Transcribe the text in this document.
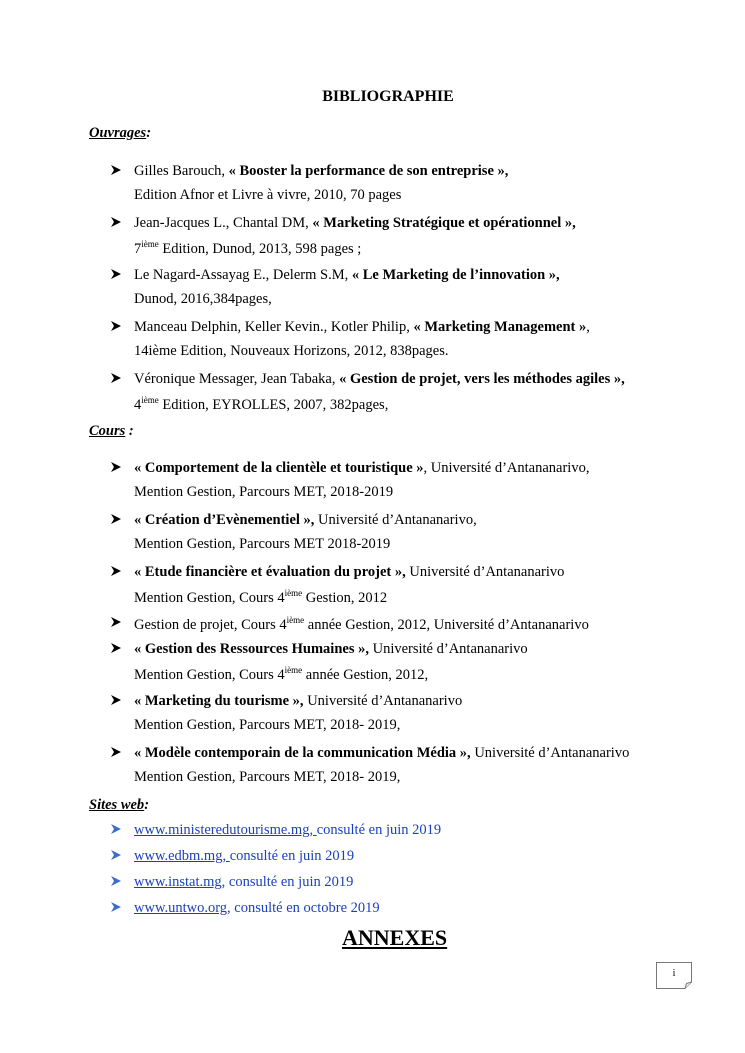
BIBLIOGRAPHIE
Ouvrages:
Gilles Barouch, « Booster la performance de son entreprise »,
Edition Afnor et Livre à vivre, 2010, 70 pages
Jean-Jacques L., Chantal DM, « Marketing Stratégique et opérationnel »,
7ième Edition, Dunod, 2013, 598 pages ;
Le Nagard-Assayag E., Delerm S.M, « Le Marketing de l’innovation »,
Dunod, 2016,384pages,
Manceau Delphin, Keller Kevin., Kotler Philip, « Marketing Management »,
14ième Edition, Nouveaux Horizons, 2012, 838pages.
Véronique Messager, Jean Tabaka, « Gestion de projet, vers les méthodes agiles »,
4ième Edition, EYROLLES, 2007, 382pages,
Cours :
« Comportement de la clientèle et touristique », Université d’Antananarivo,
Mention Gestion, Parcours MET, 2018-2019
« Création d’Evènementiel », Université d’Antananarivo,
Mention Gestion, Parcours MET 2018-2019
« Etude financière et évaluation du projet », Université d’Antananarivo
Mention Gestion, Cours 4ième Gestion, 2012
Gestion de projet, Cours 4ième année Gestion, 2012, Université d’Antananarivo
« Gestion des Ressources Humaines », Université d’Antananarivo
Mention Gestion, Cours 4ième année Gestion, 2012,
« Marketing du tourisme », Université d’Antananarivo
Mention Gestion, Parcours MET, 2018- 2019,
« Modèle contemporain de la communication Média », Université d’Antananarivo
Mention Gestion, Parcours MET, 2018- 2019,
Sites web:
www.ministeredutourisme.mg, consulté en juin 2019
www.edbm.mg, consulté en juin 2019
www.instat.mg, consulté en juin 2019
www.untwo.org, consulté en octobre 2019
ANNEXES
i
